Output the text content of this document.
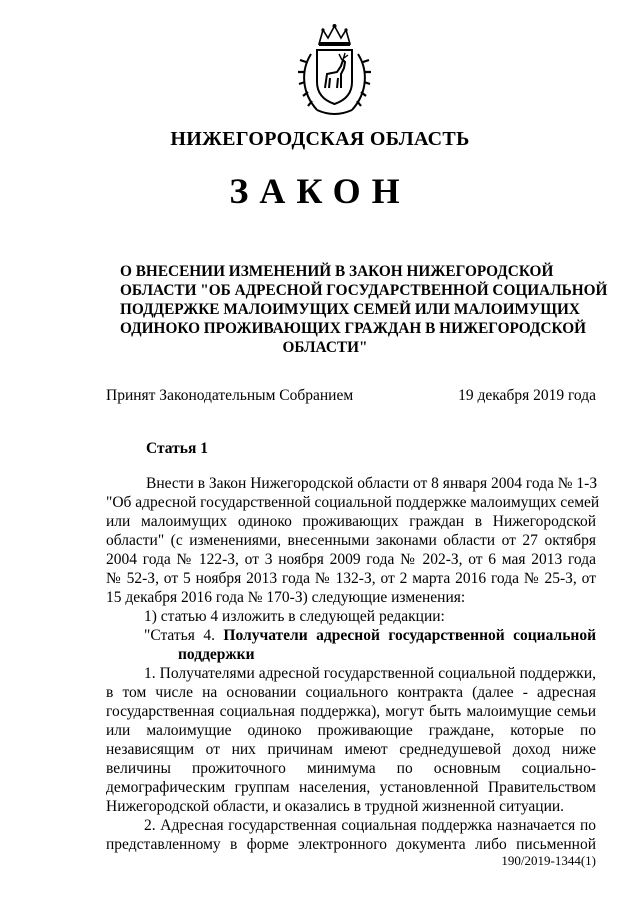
НИЖЕГОРОДСКАЯ ОБЛАСТЬ
ЗАКОН
О ВНЕСЕНИИ ИЗМЕНЕНИЙ В ЗАКОН НИЖЕГОРОДСКОЙ
ОБЛАСТИ "ОБ АДРЕСНОЙ ГОСУДАРСТВЕННОЙ СОЦИАЛЬНОЙ
ПОДДЕРЖКЕ МАЛОИМУЩИХ СЕМЕЙ ИЛИ МАЛОИМУЩИХ
ОДИНОКО ПРОЖИВАЮЩИХ ГРАЖДАН В НИЖЕГОРОДСКОЙ
ОБЛАСТИ"
Принят Законодательным Собранием	19 декабря 2019 года
Статья 1
Внести в Закон Нижегородской области от 8 января 2004 года № 1-З
"Об адресной государственной социальной поддержке малоимущих семей
или малоимущих одиноко проживающих граждан в Нижегородской
области" (с изменениями, внесенными законами области от 27 октября
2004 года № 122-З, от 3 ноября 2009 года № 202-З, от 6 мая 2013 года
№ 52-З, от 5 ноября 2013 года № 132-З, от 2 марта 2016 года № 25-З, от
15 декабря 2016 года № 170-З) следующие изменения:
1) статью 4 изложить в следующей редакции:
"Статья 4. Получатели адресной государственной социальной
поддержки
1. Получателями адресной государственной социальной поддержки,
в том числе на основании социального контракта (далее - адресная
государственная социальная поддержка), могут быть малоимущие семьи
или малоимущие одиноко проживающие граждане, которые по
независящим от них причинам имеют среднедушевой доход ниже
величины прожиточного минимума по основным социально-
демографическим группам населения, установленной Правительством
Нижегородской области, и оказались в трудной жизненной ситуации.
2. Адресная государственная социальная поддержка назначается по
представленному в форме электронного документа либо письменной
190/2019-1344(1)
